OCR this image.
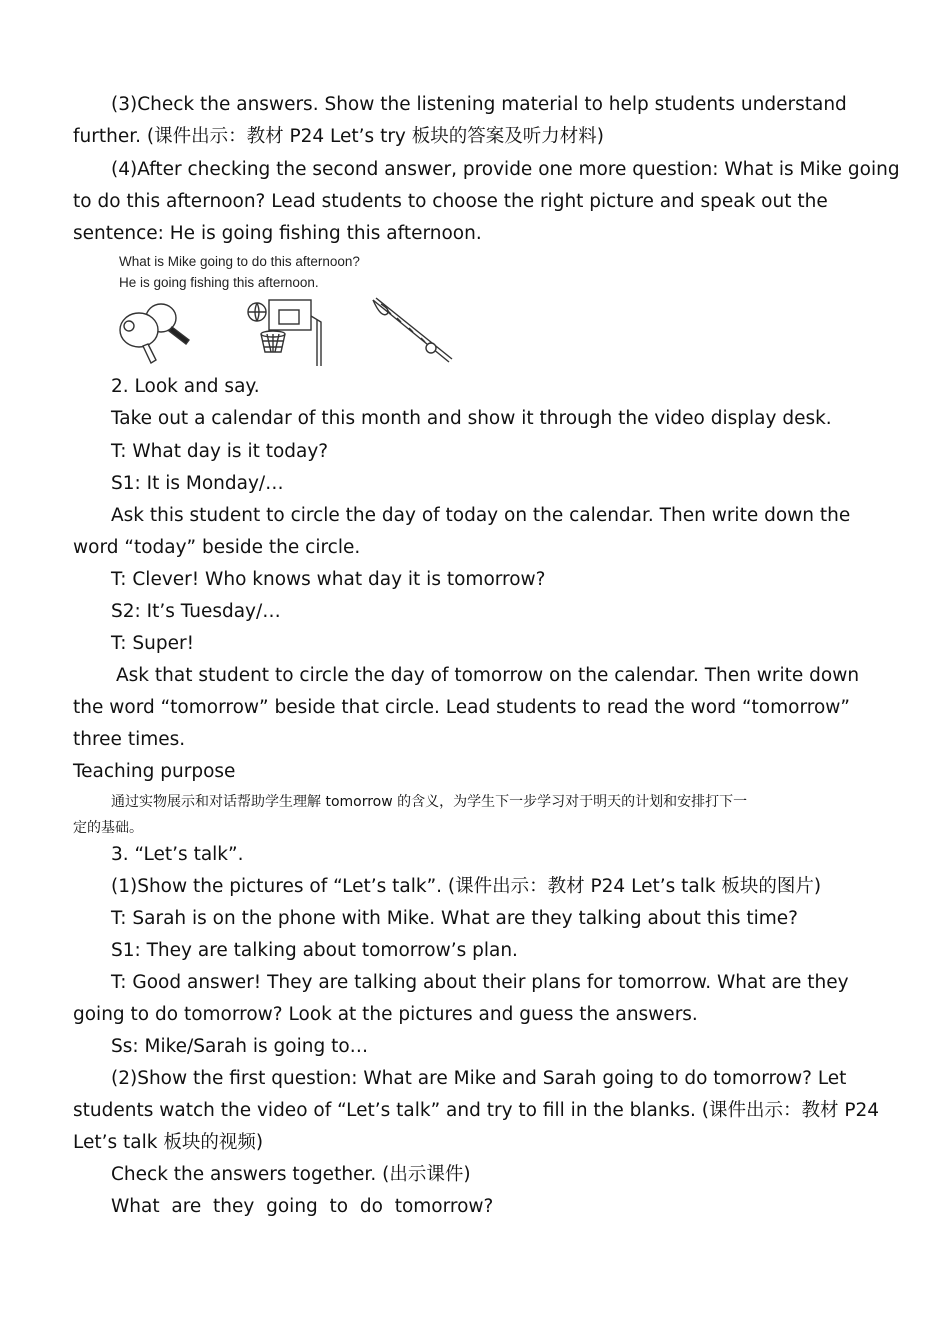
(3)Check the answers. Show the listening material to help students understand
further. (课件出示：教材 P24 Let’s try 板块的答案及听力材料)
(4)After checking the second answer, provide one more question: What is Mike going
to do this afternoon? Lead students to choose the right picture and speak out the
sentence: He is going fishing this afternoon.
What is Mike going to do this afternoon?
He is going fishing this afternoon.
2. Look and say.
Take out a calendar of this month and show it through the video display desk.
T: What day is it today?
S1: It is Monday/…
Ask this student to circle the day of today on the calendar. Then write down the
word “today” beside the circle.
T: Clever! Who knows what day it is tomorrow?
S2: It’s Tuesday/…
T: Super!
Ask that student to circle the day of tomorrow on the calendar. Then write down
the word “tomorrow” beside that circle. Lead students to read the word “tomorrow”
three times.
Teaching purpose
通过实物展示和对话帮助学生理解 tomorrow 的含义，为学生下一步学习对于明天的计划和安排打下一
定的基础。
3. “Let’s talk”.
(1)Show the pictures of “Let’s talk”. (课件出示：教材 P24 Let’s talk 板块的图片)
T: Sarah is on the phone with Mike. What are they talking about this time?
S1: They are talking about tomorrow’s plan.
T: Good answer! They are talking about their plans for tomorrow. What are they
going to do tomorrow? Look at the pictures and guess the answers.
Ss: Mike/Sarah is going to…
(2)Show the first question: What are Mike and Sarah going to do tomorrow? Let
students watch the video of “Let’s talk” and try to fill in the blanks. (课件出示：教材 P24
Let’s talk 板块的视频)
Check the answers together. (出示课件)
What  are  they  going  to  do  tomorrow?
